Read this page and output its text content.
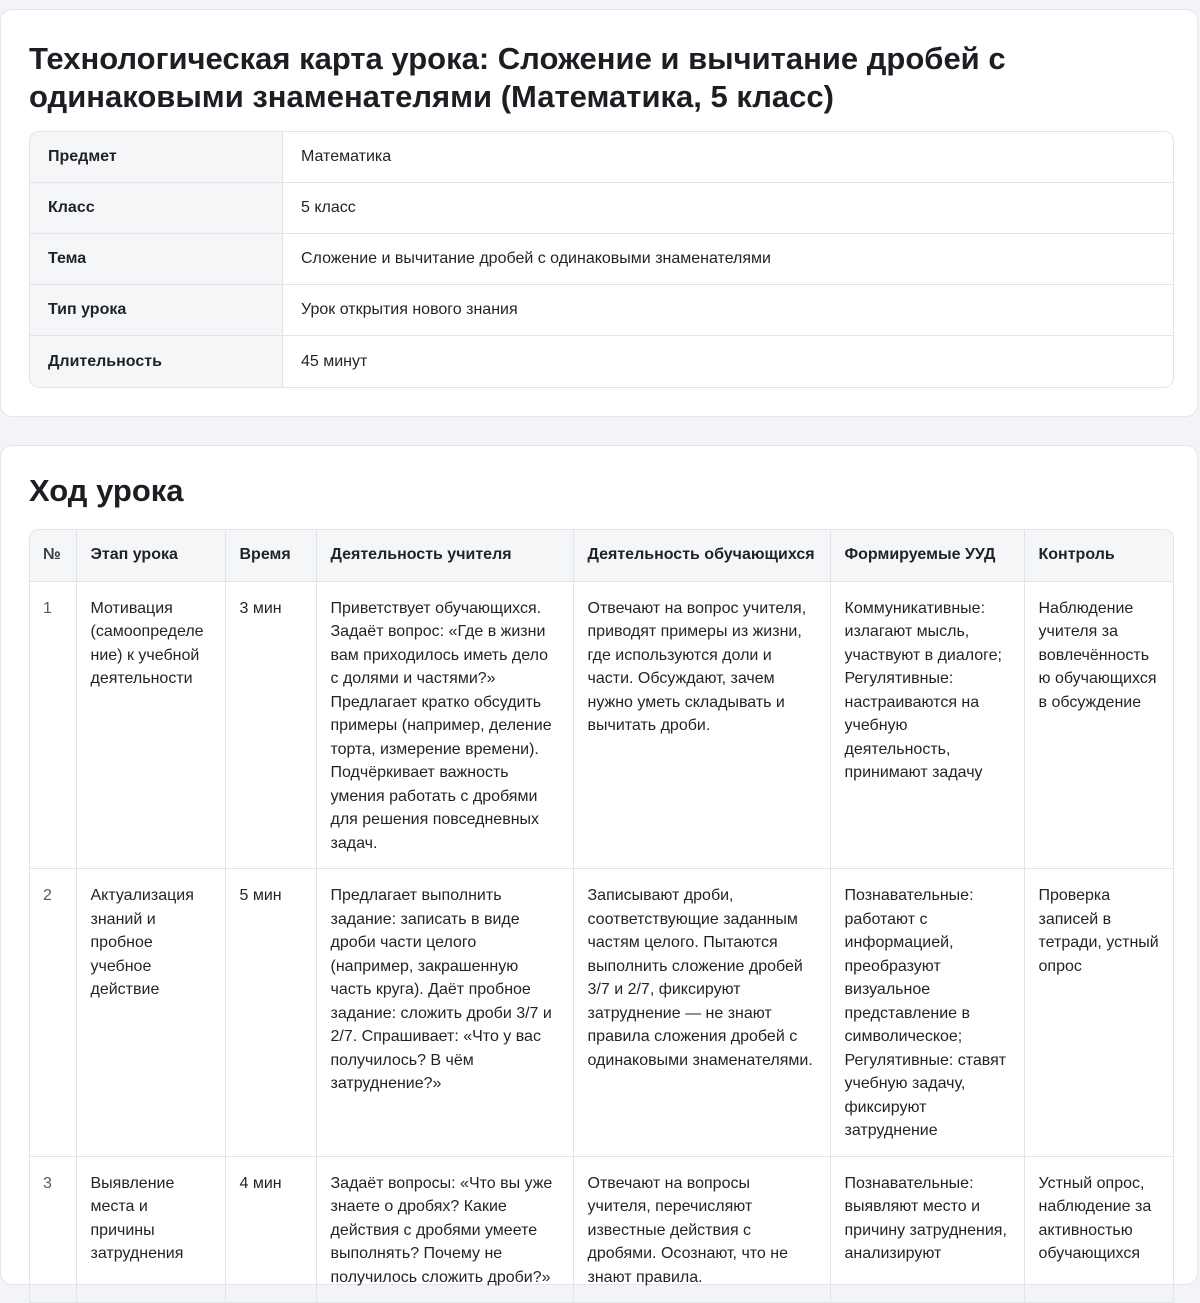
Технологическая карта урока: Сложение и вычитание дробей с одинаковыми знаменателями (Математика, 5 класс)
Предмет	Математика
Класс	5 класс
Тема	Сложение и вычитание дробей с одинаковыми знаменателями
Тип урока	Урок открытия нового знания
Длительность	45 минут
Ход урока
№	Этап урока	Время	Деятельность учителя	Деятельность обучающихся	Формируемые УУД	Контроль
1	Мотивация (самоопределение) к учебной деятельности	3 мин	Приветствует обучающихся. Задаёт вопрос: «Где в жизни вам приходилось иметь дело с долями и частями?» Предлагает кратко обсудить примеры (например, деление торта, измерение времени). Подчёркивает важность умения работать с дробями для решения повседневных задач.	Отвечают на вопрос учителя, приводят примеры из жизни, где используются доли и части. Обсуждают, зачем нужно уметь складывать и вычитать дроби.	Коммуникативные: излагают мысль, участвуют в диалоге; Регулятивные: настраиваются на учебную деятельность, принимают задачу	Наблюдение учителя за вовлечённостью обучающихся в обсуждение
2	Актуализация знаний и пробное учебное действие	5 мин	Предлагает выполнить задание: записать в виде дроби части целого (например, закрашенную часть круга). Даёт пробное задание: сложить дроби 3/7 и 2/7. Спрашивает: «Что у вас получилось? В чём затруднение?»	Записывают дроби, соответствующие заданным частям целого. Пытаются выполнить сложение дробей 3/7 и 2/7, фиксируют затруднение — не знают правила сложения дробей с одинаковыми знаменателями.	Познавательные: работают с информацией, преобразуют визуальное представление в символическое; Регулятивные: ставят учебную задачу, фиксируют затруднение	Проверка записей в тетради, устный опрос
3	Выявление места и причины затруднения	4 мин	Задаёт вопросы: «Что вы уже знаете о дробях? Какие действия с дробями умеете выполнять? Почему не получилось сложить дроби?»	Отвечают на вопросы учителя, перечисляют известные действия с дробями. Осознают, что не знают правила.	Познавательные: выявляют место и причину затруднения, анализируют	Устный опрос, наблюдение за активностью обучающихся
